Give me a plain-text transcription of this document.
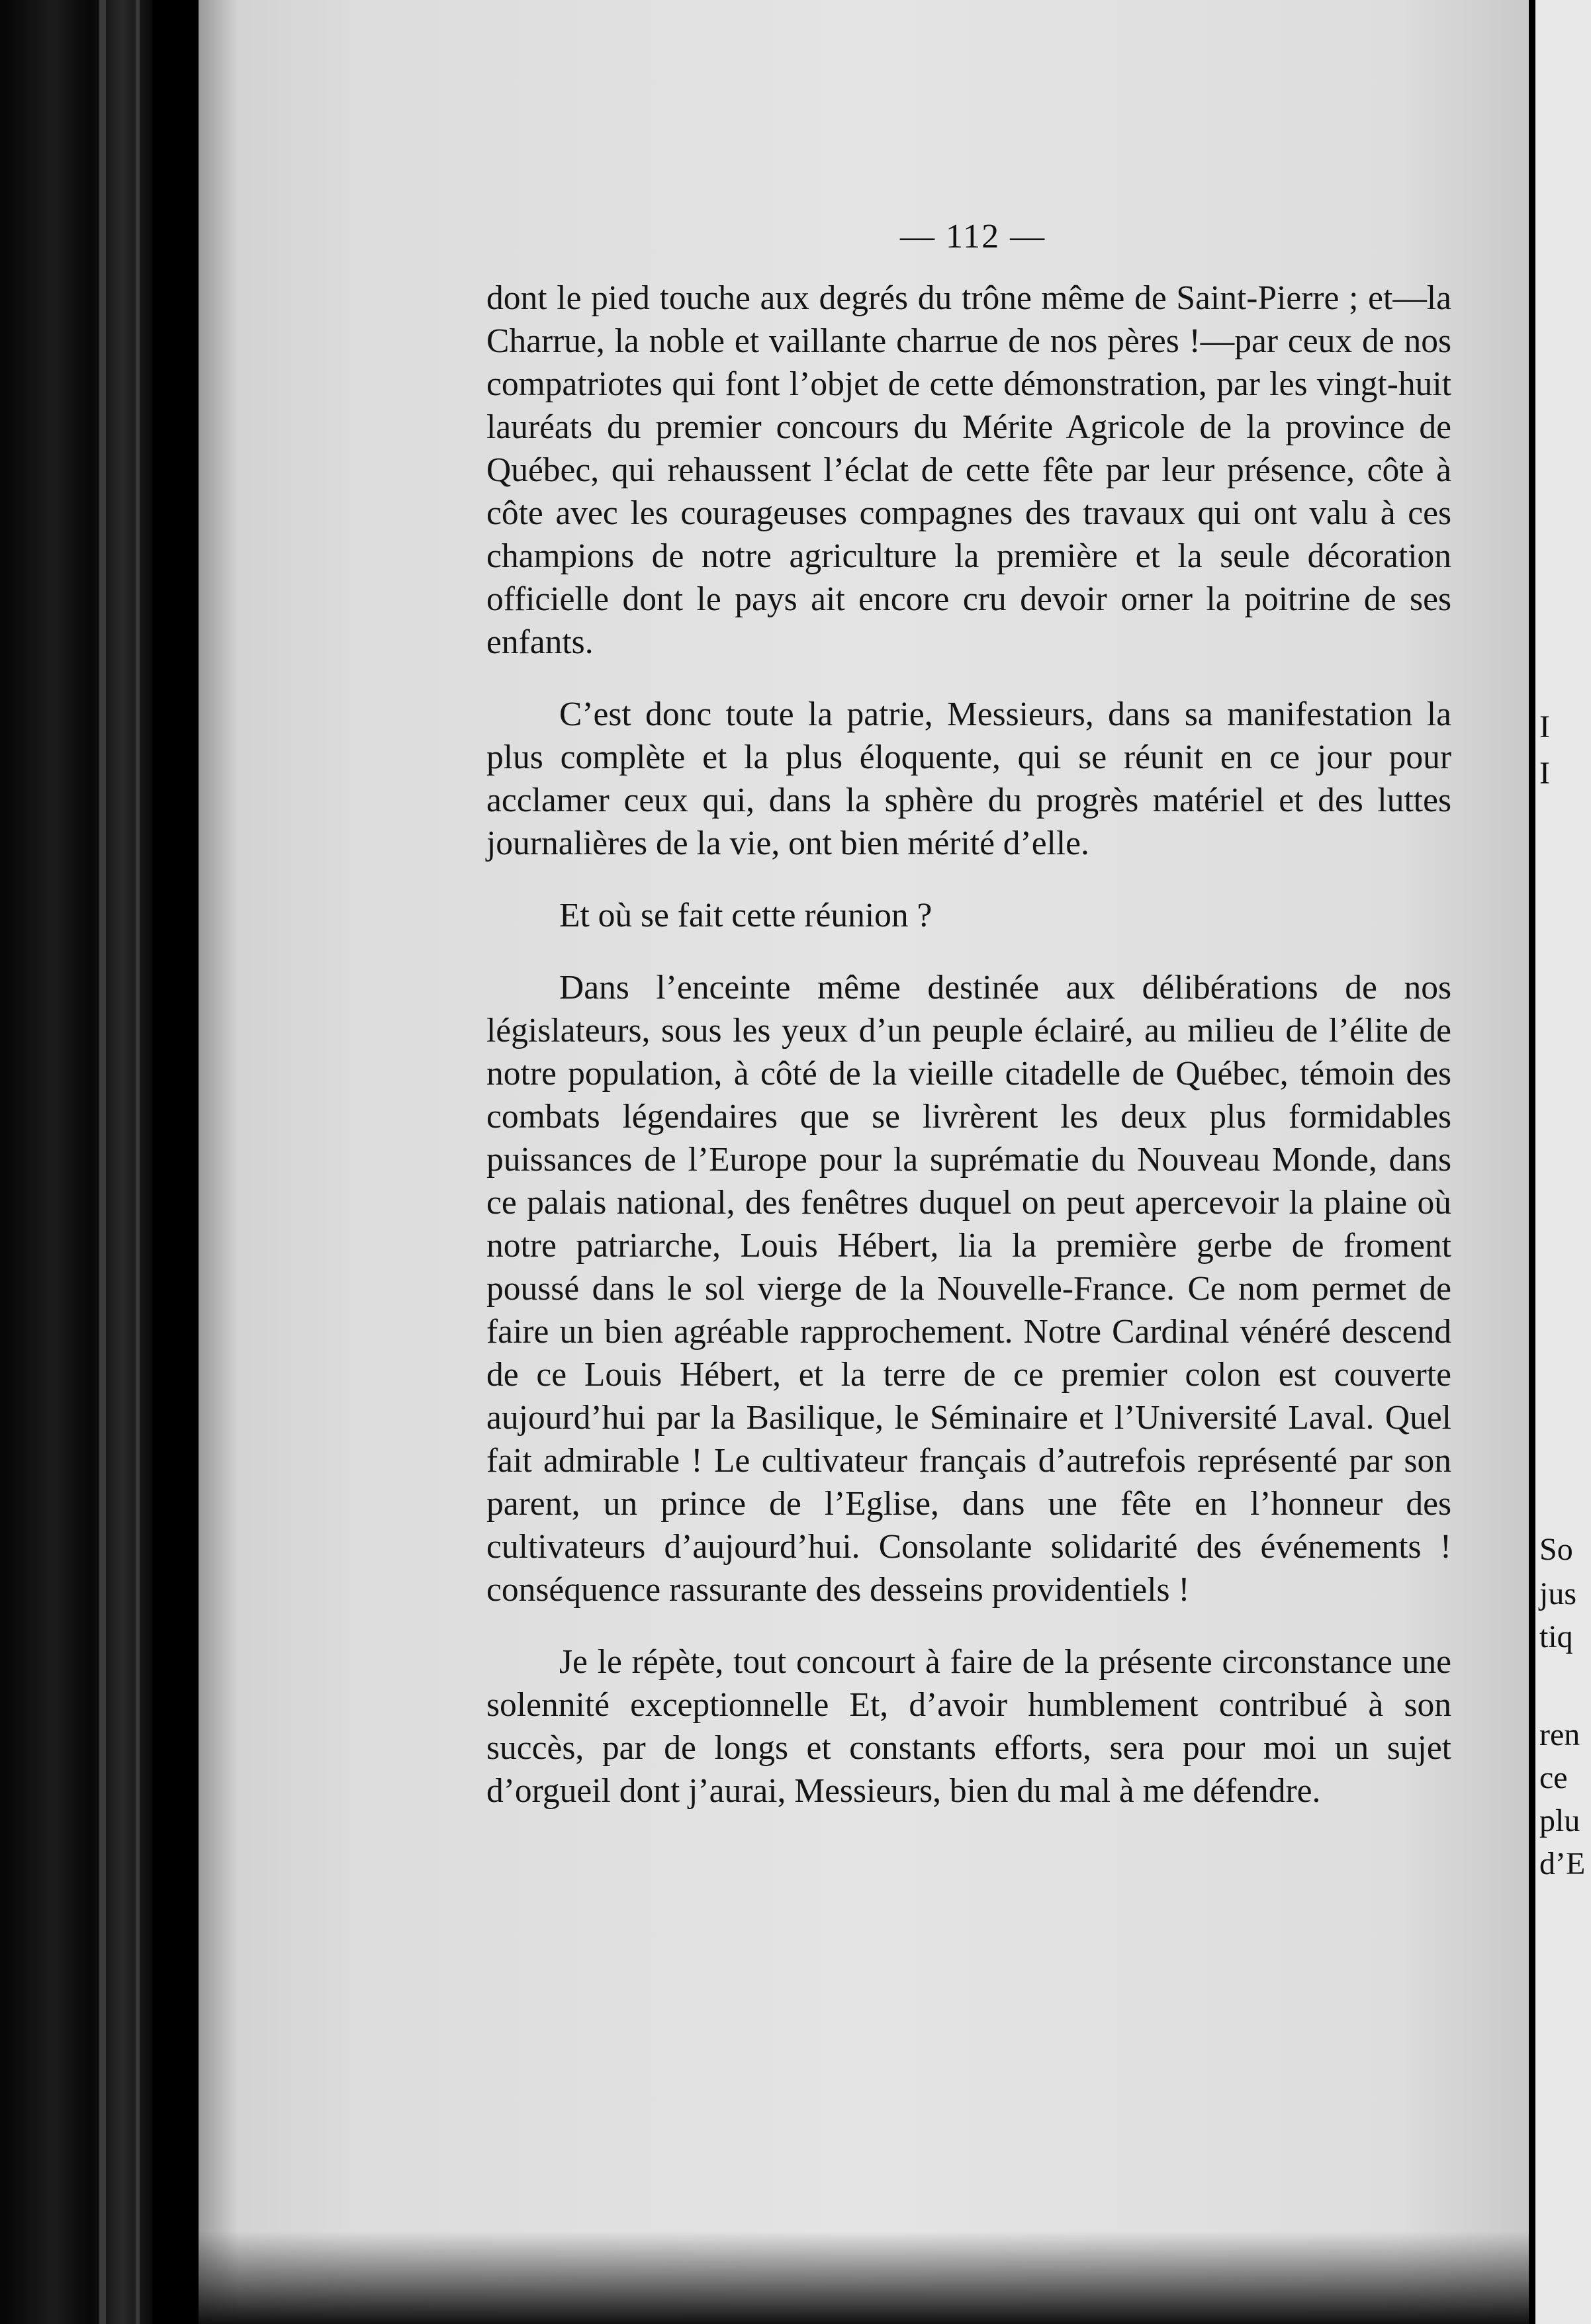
— 112 —

dont le pied touche aux degrés du trône même de Saint-Pierre ; et—la Charrue, la noble et vaillante charrue de nos pères !—par ceux de nos compatriotes qui font l’objet de cette démonstration, par les vingt-huit lauréats du premier concours du Mérite Agricole de la province de Québec, qui rehaussent l’éclat de cette fête par leur présence, côte à côte avec les courageuses compagnes des travaux qui ont valu à ces champions de notre agriculture la première et la seule décoration officielle dont le pays ait encore cru devoir orner la poitrine de ses enfants.

C’est donc toute la patrie, Messieurs, dans sa manifestation la plus complète et la plus éloquente, qui se réunit en ce jour pour acclamer ceux qui, dans la sphère du progrès matériel et des luttes journalières de la vie, ont bien mérité d’elle.

Et où se fait cette réunion ?

Dans l’enceinte même destinée aux délibérations de nos législateurs, sous les yeux d’un peuple éclairé, au milieu de l’élite de notre population, à côté de la vieille citadelle de Québec, témoin des combats légendaires que se livrèrent les deux plus formidables puissances de l’Europe pour la suprématie du Nouveau Monde, dans ce palais national, des fenêtres duquel on peut apercevoir la plaine où notre patriarche, Louis Hébert, lia la première gerbe de froment poussé dans le sol vierge de la Nouvelle-France. Ce nom permet de faire un bien agréable rapprochement. Notre Cardinal vénéré descend de ce Louis Hébert, et la terre de ce premier colon est couverte aujourd’hui par la Basilique, le Séminaire et l’Université Laval. Quel fait admirable ! Le cultivateur français d’autrefois représenté par son parent, un prince de l’Eglise, dans une fête en l’honneur des cultivateurs d’aujourd’hui. Consolante solidarité des événements ! conséquence rassurante des desseins providentiels !

Je le répète, tout concourt à faire de la présente circonstance une solennité exceptionnelle Et, d’avoir humblement contribué à son succès, par de longs et constants efforts, sera pour moi un sujet d’orgueil dont j’aurai, Messieurs, bien du mal à me défendre.

I
I
So
jus
tiq
ren
ce
plu
d’E
